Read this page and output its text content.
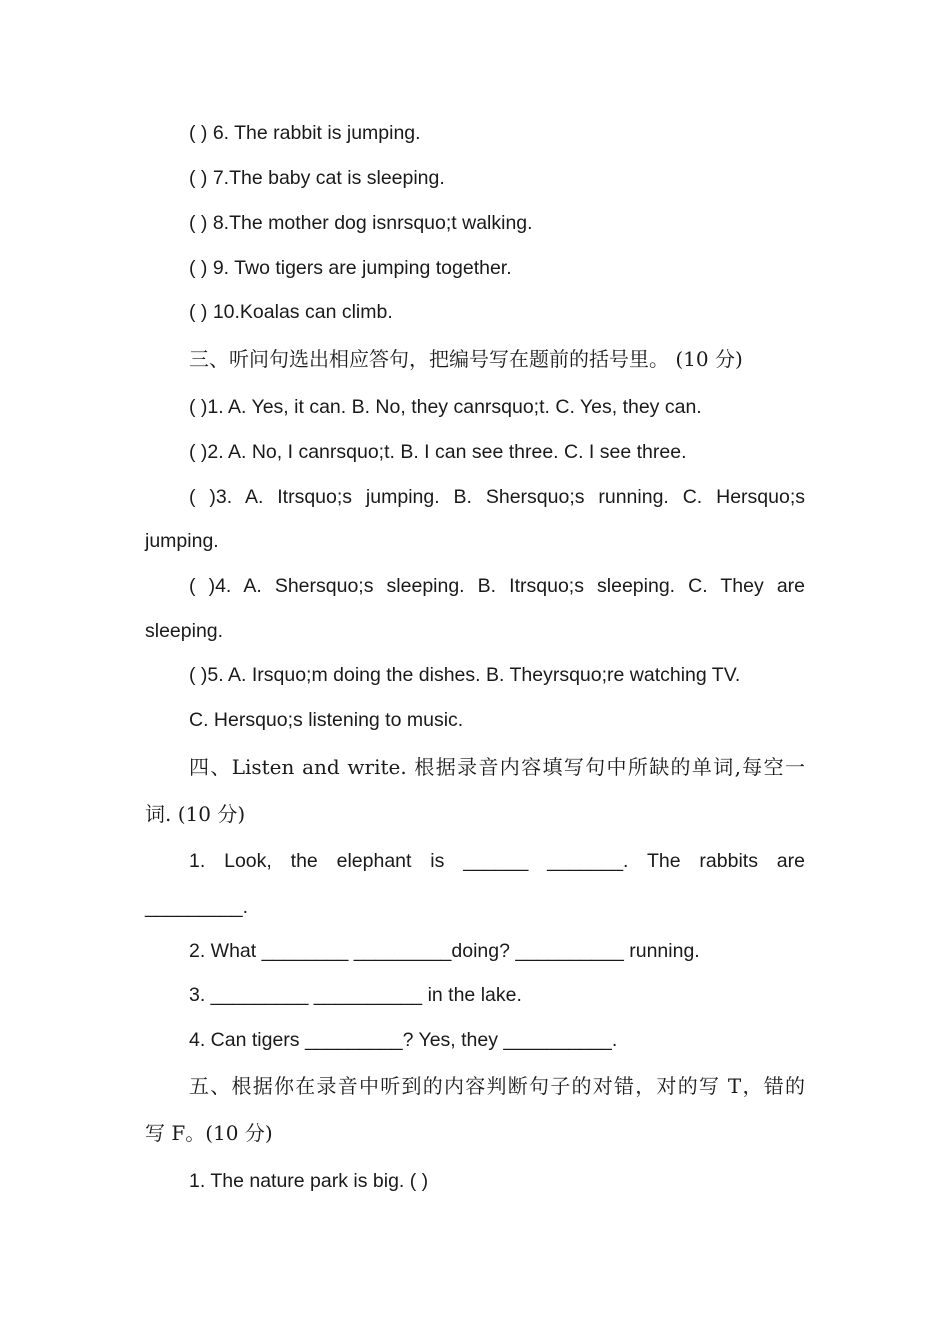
( ) 6. The rabbit is jumping.
( ) 7.The baby cat is sleeping.
( ) 8.The mother dog isnrsquo;t walking.
( ) 9. Two tigers are jumping together.
( ) 10.Koalas can climb.
三、听问句选出相应答句，把编号写在题前的括号里。 (10 分)
( )1. A. Yes, it can. B. No, they canrsquo;t. C. Yes, they can.
( )2. A. No, I canrsquo;t. B. I can see three. C. I see three.
( )3. A. Itrsquo;s jumping. B. Shersquo;s running. C. Hersquo;s
jumping.
( )4. A. Shersquo;s sleeping. B. Itrsquo;s sleeping. C. They are
sleeping.
( )5. A. Irsquo;m doing the dishes. B. Theyrsquo;re watching TV.
C. Hersquo;s listening to music.
四、Listen and write. 根据录音内容填写句中所缺的单词,每空一
词. (10 分)
1. Look, the elephant is ______ _______. The rabbits are
_________.
2. What ________ _________doing? __________ running.
3. _________ __________ in the lake.
4. Can tigers _________? Yes, they __________.
五、根据你在录音中听到的内容判断句子的对错，对的写 T，错的
写 F。(10 分)
1. The nature park is big. ( )
